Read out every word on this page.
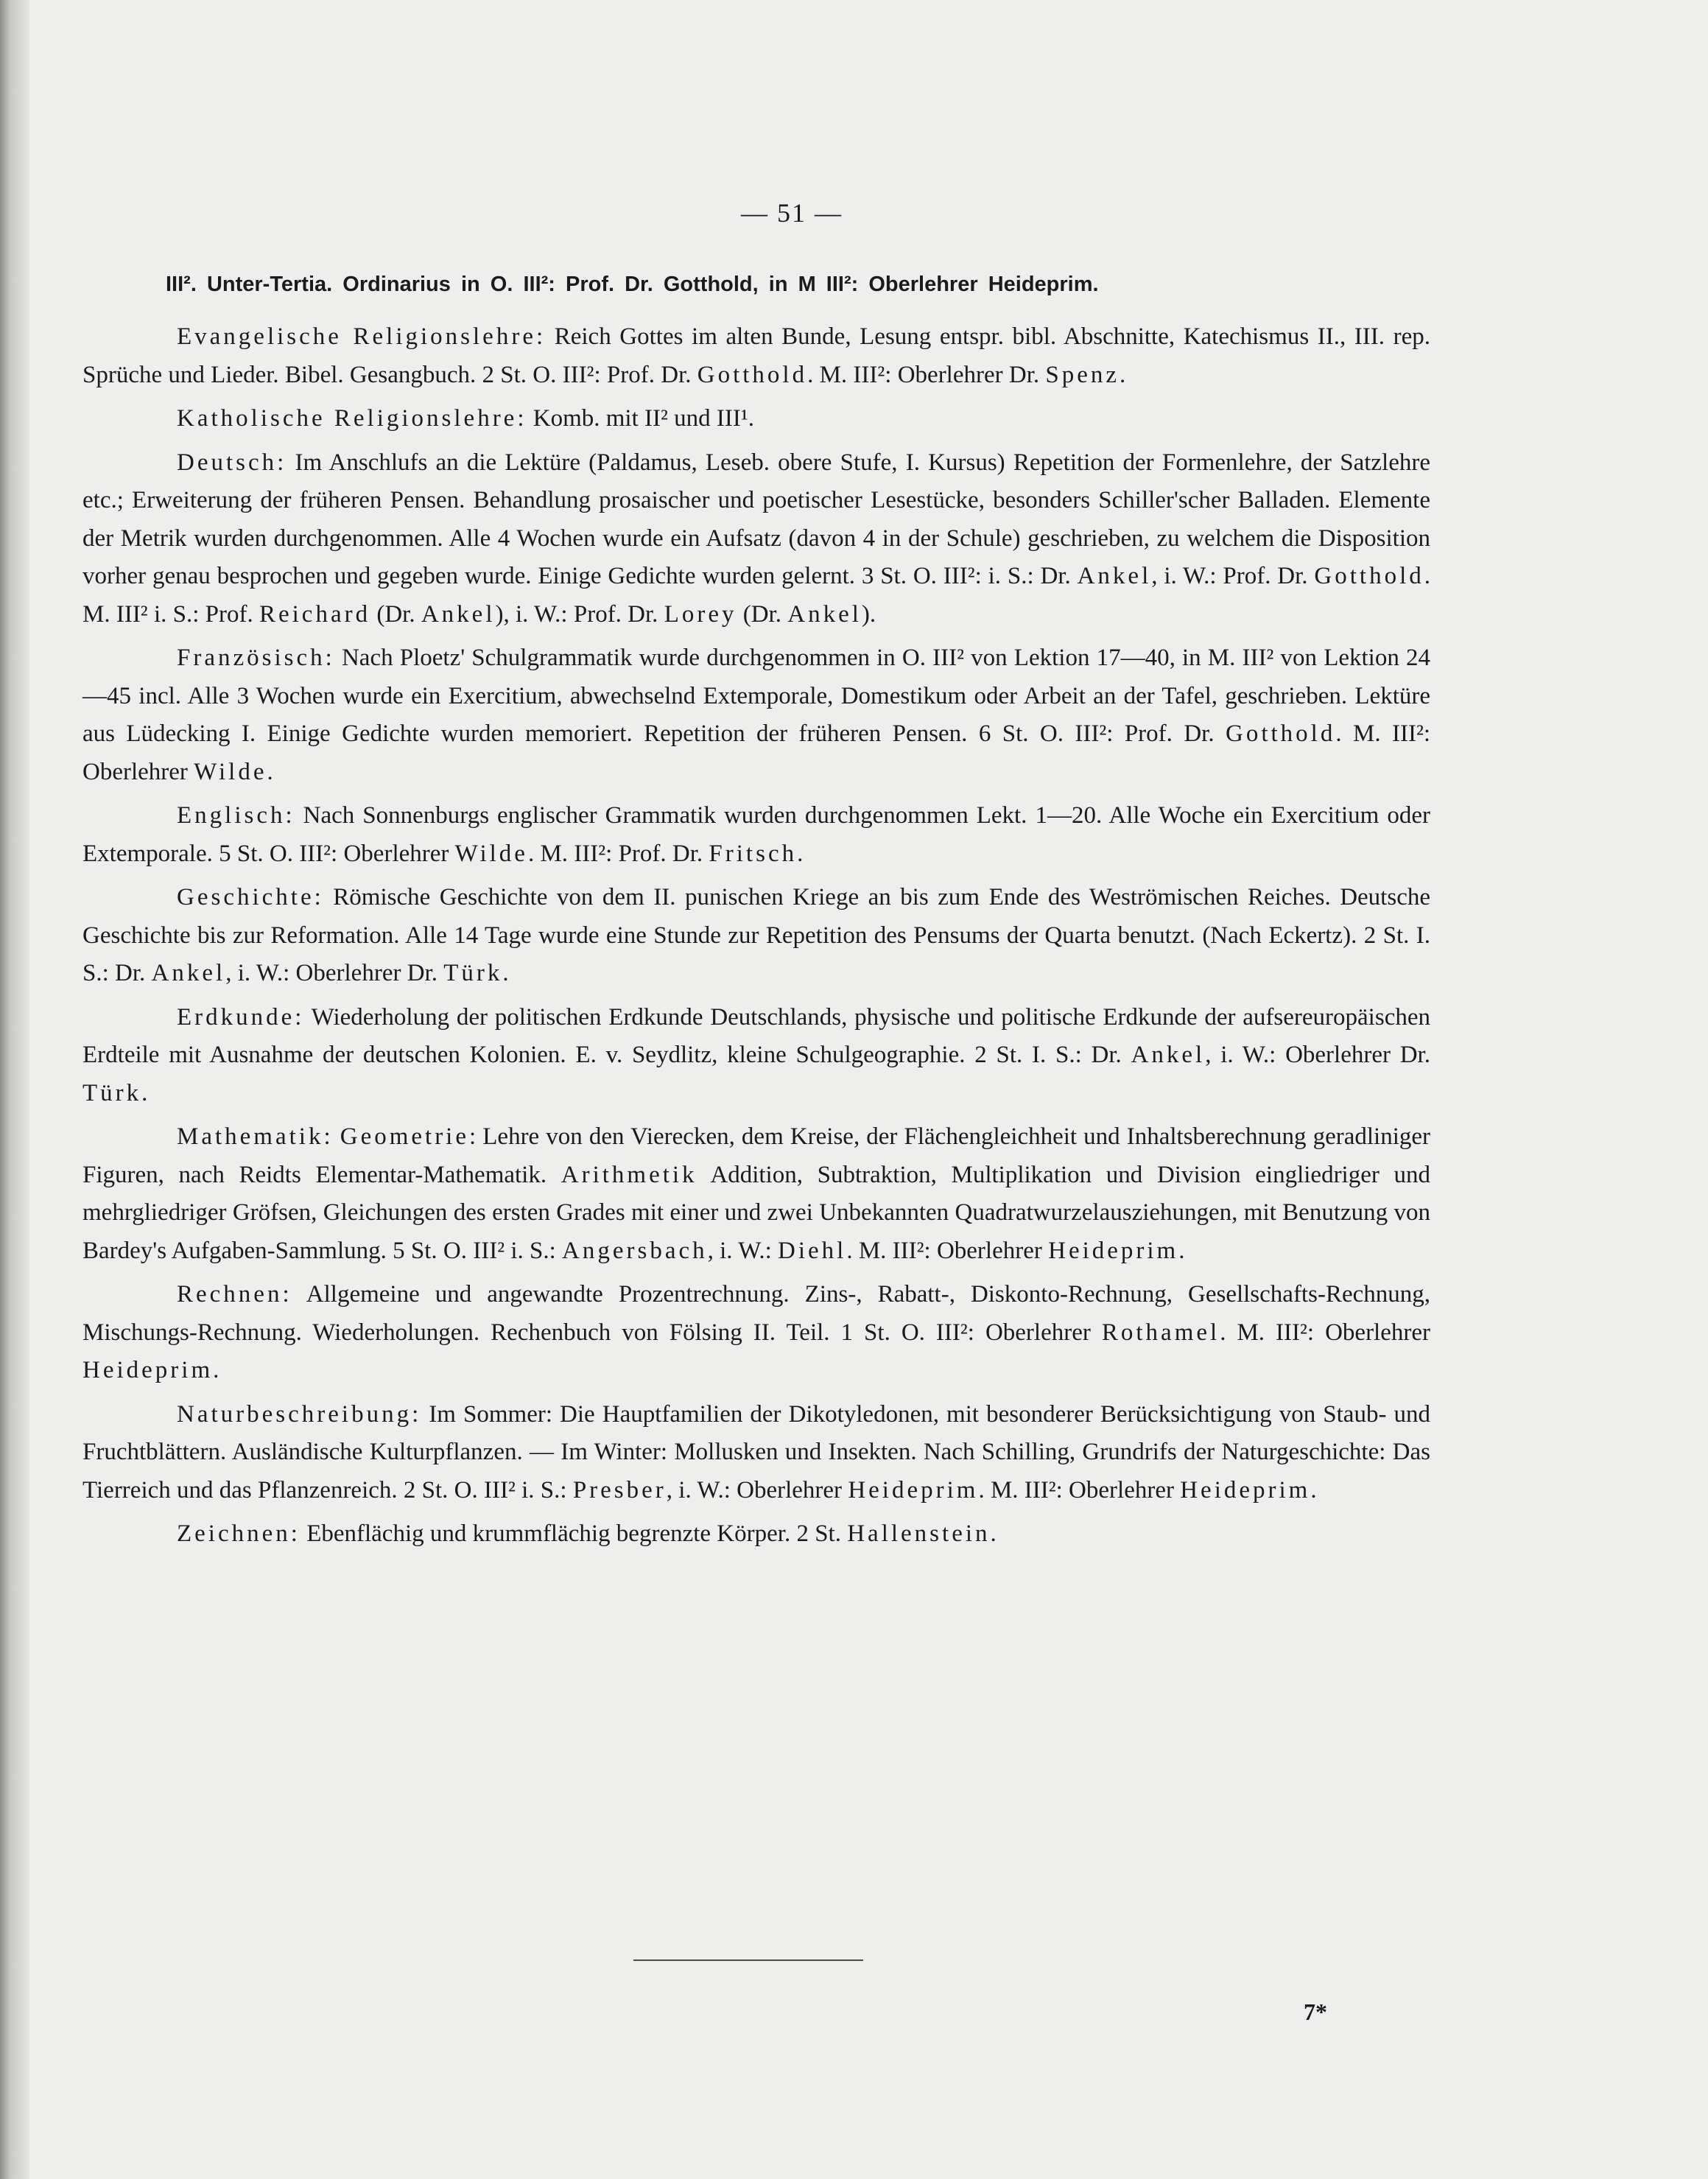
— 51 —
III². Unter-Tertia. Ordinarius in O. III²: Prof. Dr. Gotthold, in M III²: Oberlehrer Heideprim.

Evangelische Religionslehre: Reich Gottes im alten Bunde, Lesung entspr. bibl. Abschnitte, Katechismus II., III. rep. Sprüche und Lieder. Bibel. Gesangbuch. 2 St. O. III²: Prof. Dr. Gotthold. M. III²: Oberlehrer Dr. Spenz.

Katholische Religionslehre: Komb. mit II² und III¹.

Deutsch: Im Anschlufs an die Lektüre (Paldamus, Leseb. obere Stufe, I. Kursus) Repetition der Formenlehre, der Satzlehre etc.; Erweiterung der früheren Pensen. Behandlung prosaischer und poetischer Lesestücke, besonders Schiller'scher Balladen. Elemente der Metrik wurden durchgenommen. Alle 4 Wochen wurde ein Aufsatz (davon 4 in der Schule) geschrieben, zu welchem die Disposition vorher genau besprochen und gegeben wurde. Einige Gedichte wurden gelernt. 3 St. O. III²: i. S.: Dr. Ankel, i. W.: Prof. Dr. Gotthold. M. III² i. S.: Prof. Reichard (Dr. Ankel), i. W.: Prof. Dr. Lorey (Dr. Ankel).

Französisch: Nach Ploetz' Schulgrammatik wurde durchgenommen in O. III² von Lektion 17—40, in M. III² von Lektion 24—45 incl. Alle 3 Wochen wurde ein Exercitium, abwechselnd Extemporale, Domestikum oder Arbeit an der Tafel, geschrieben. Lektüre aus Lüdecking I. Einige Gedichte wurden memoriert. Repetition der früheren Pensen. 6 St. O. III²: Prof. Dr. Gotthold. M. III²: Oberlehrer Wilde.

Englisch: Nach Sonnenburgs englischer Grammatik wurden durchgenommen Lekt. 1—20. Alle Woche ein Exercitium oder Extemporale. 5 St. O. III²: Oberlehrer Wilde. M. III²: Prof. Dr. Fritsch.

Geschichte: Römische Geschichte von dem II. punischen Kriege an bis zum Ende des Weströmischen Reiches. Deutsche Geschichte bis zur Reformation. Alle 14 Tage wurde eine Stunde zur Repetition des Pensums der Quarta benutzt. (Nach Eckertz). 2 St. I. S.: Dr. Ankel, i. W.: Oberlehrer Dr. Türk.

Erdkunde: Wiederholung der politischen Erdkunde Deutschlands, physische und politische Erdkunde der aufsereuropäischen Erdteile mit Ausnahme der deutschen Kolonien. E. v. Seydlitz, kleine Schulgeographie. 2 St. I. S.: Dr. Ankel, i. W.: Oberlehrer Dr. Türk.

Mathematik: Geometrie: Lehre von den Vierecken, dem Kreise, der Flächengleichheit und Inhaltsberechnung geradliniger Figuren, nach Reidts Elementar-Mathematik. Arithmetik Addition, Subtraktion, Multiplikation und Division eingliedriger und mehrgliedriger Gröfsen, Gleichungen des ersten Grades mit einer und zwei Unbekannten Quadratwurzelausziehungen, mit Benutzung von Bardey's Aufgaben-Sammlung. 5 St. O. III² i. S.: Angersbach, i. W.: Diehl. M. III²: Oberlehrer Heideprim.

Rechnen: Allgemeine und angewandte Prozentrechnung. Zins-, Rabatt-, Diskonto-Rechnung, Gesellschafts-Rechnung, Mischungs-Rechnung. Wiederholungen. Rechenbuch von Fölsing II. Teil. 1 St. O. III²: Oberlehrer Rothamel. M. III²: Oberlehrer Heideprim.

Naturbeschreibung: Im Sommer: Die Hauptfamilien der Dikotyledonen, mit besonderer Berücksichtigung von Staub- und Fruchtblättern. Ausländische Kulturpflanzen. — Im Winter: Mollusken und Insekten. Nach Schilling, Grundrifs der Naturgeschichte: Das Tierreich und das Pflanzenreich. 2 St. O. III² i. S.: Presber, i. W.: Oberlehrer Heideprim. M. III²: Oberlehrer Heideprim.

Zeichnen: Ebenflächig und krummflächig begrenzte Körper. 2 St. Hallenstein.

7*
